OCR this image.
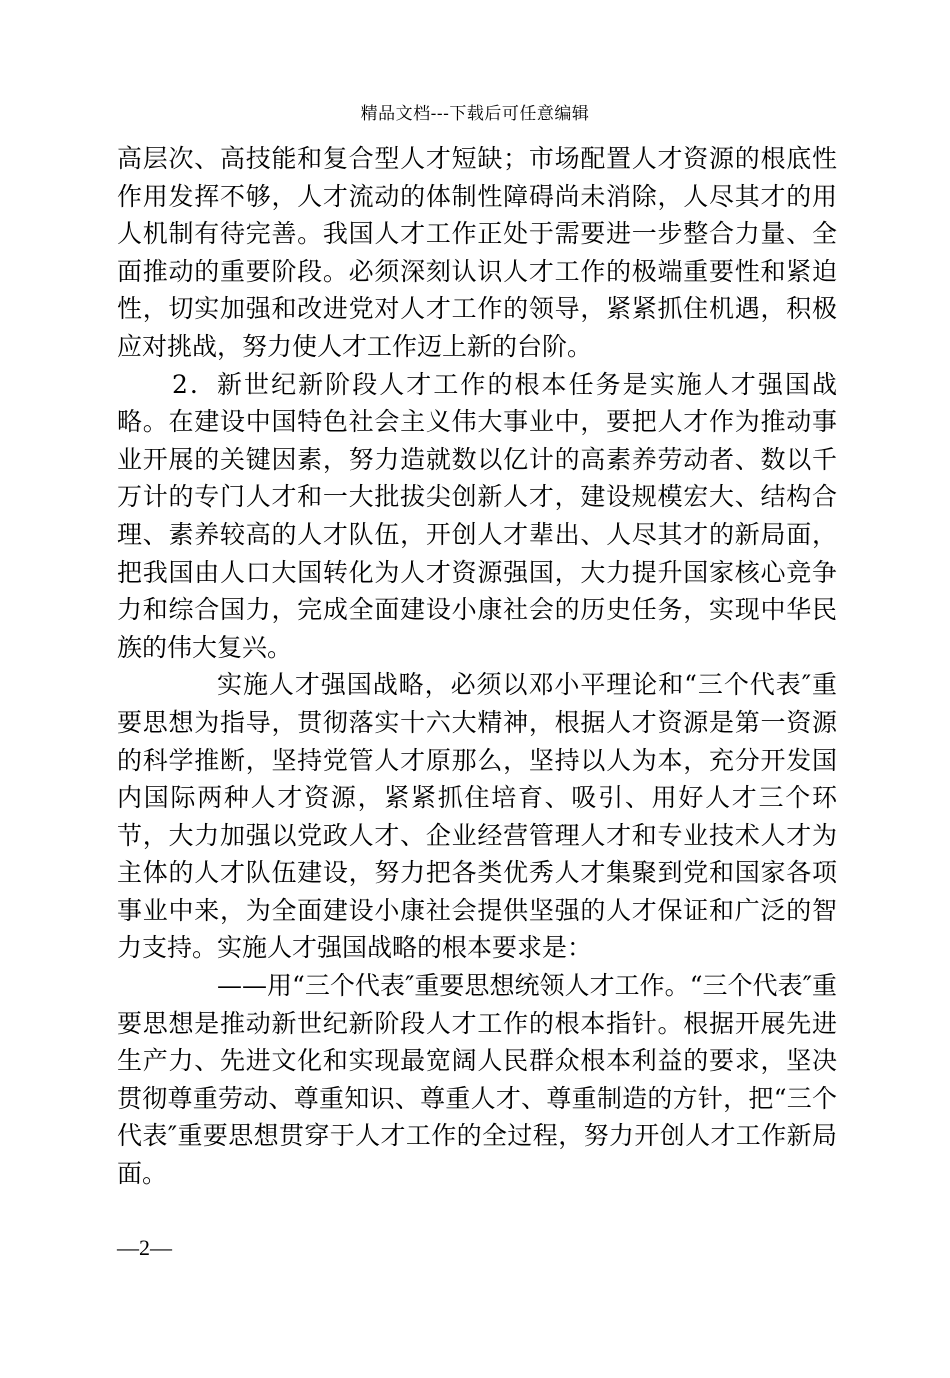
精品文档---下载后可任意编辑

高层次、高技能和复合型人才短缺；市场配置人才资源的根底性作用发挥不够，人才流动的体制性障碍尚未消除，人尽其才的用人机制有待完善。我国人才工作正处于需要进一步整合力量、全面推动的重要阶段。必须深刻认识人才工作的极端重要性和紧迫性，切实加强和改进党对人才工作的领导，紧紧抓住机遇，积极应对挑战，努力使人才工作迈上新的台阶。

2．新世纪新阶段人才工作的根本任务是实施人才强国战略。在建设中国特色社会主义伟大事业中，要把人才作为推动事业开展的关键因素，努力造就数以亿计的高素养劳动者、数以千万计的专门人才和一大批拔尖创新人才，建设规模宏大、结构合理、素养较高的人才队伍，开创人才辈出、人尽其才的新局面，把我国由人口大国转化为人才资源强国，大力提升国家核心竞争力和综合国力，完成全面建设小康社会的历史任务，实现中华民族的伟大复兴。

实施人才强国战略，必须以邓小平理论和“三个代表″重要思想为指导，贯彻落实十六大精神，根据人才资源是第一资源的科学推断，坚持党管人才原那么，坚持以人为本，充分开发国内国际两种人才资源，紧紧抓住培育、吸引、用好人才三个环节，大力加强以党政人才、企业经营管理人才和专业技术人才为主体的人才队伍建设，努力把各类优秀人才集聚到党和国家各项事业中来，为全面建设小康社会提供坚强的人才保证和广泛的智力支持。实施人才强国战略的根本要求是：

——用“三个代表″重要思想统领人才工作。“三个代表″重要思想是推动新世纪新阶段人才工作的根本指针。根据开展先进生产力、先进文化和实现最宽阔人民群众根本利益的要求，坚决贯彻尊重劳动、尊重知识、尊重人才、尊重制造的方针，把“三个代表″重要思想贯穿于人才工作的全过程，努力开创人才工作新局面。

—2—
